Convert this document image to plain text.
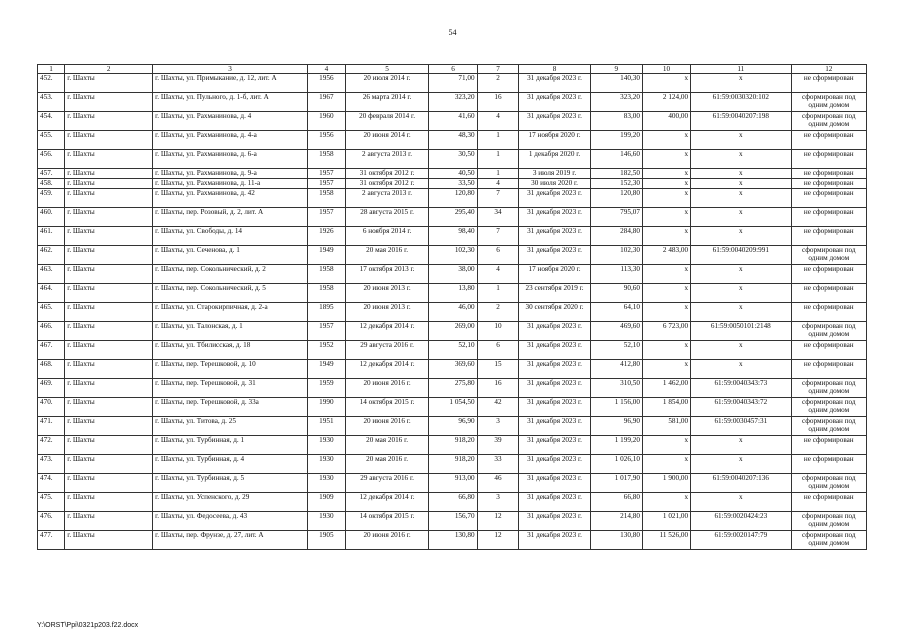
54
1	2	3	4	5	6	7	8	9	10	11	12
452.	г. Шахты	г. Шахты, ул. Примыкание, д. 12, лит. А	1956	20 июля 2014 г.	71,00	2	31 декабря 2023 г.	140,30	x	x	не сформирован
453.	г. Шахты	г. Шахты, ул. Пульного, д. 1-б, лит. А	1967	26 марта 2014 г.	323,20	16	31 декабря 2023 г.	323,20	2 124,00	61:59:0030320:102	сформирован под одним домом
454.	г. Шахты	г. Шахты, ул. Рахманинова, д. 4	1960	20 февраля 2014 г.	41,60	4	31 декабря 2023 г.	83,00	400,00	61:59:0040207:198	сформирован под одним домом
455.	г. Шахты	г. Шахты, ул. Рахманинова, д. 4-а	1956	20 июня 2014 г.	48,30	1	17 ноября 2020 г.	199,20	x	x	не сформирован
456.	г. Шахты	г. Шахты, ул. Рахманинова, д. 6-а	1958	2 августа 2013 г.	30,50	1	1 декабря 2020 г.	146,60	x	x	не сформирован
457.	г. Шахты	г. Шахты, ул. Рахманинова, д. 9-а	1957	31 октября 2012 г.	40,50	1	3 июля 2019 г.	182,50	x	x	не сформирован
458.	г. Шахты	г. Шахты, ул. Рахманинова, д. 11-а	1957	31 октября 2012 г.	33,50	4	30 июля 2020 г.	152,30	x	x	не сформирован
459.	г. Шахты	г. Шахты, ул. Рахманинова, д. 42	1958	2 августа 2013 г.	120,80	7	31 декабря 2023 г.	120,80	x	x	не сформирован
460.	г. Шахты	г. Шахты, пер. Розовый, д. 2, лит. А	1957	28 августа 2015 г.	295,40	34	31 декабря 2023 г.	795,07	x	x	не сформирован
461.	г. Шахты	г. Шахты, ул. Свободы, д. 14	1926	6 ноября 2014 г.	98,40	7	31 декабря 2023 г.	284,80	x	x	не сформирован
462.	г. Шахты	г. Шахты, ул. Сеченова, д. 1	1949	20 мая 2016 г.	102,30	6	31 декабря 2023 г.	102,30	2 483,00	61:59:0040209:991	сформирован под одним домом
463.	г. Шахты	г. Шахты, пер. Сокольнический, д. 2	1958	17 октября 2013 г.	38,00	4	17 ноября 2020 г.	113,30	x	x	не сформирован
464.	г. Шахты	г. Шахты, пер. Сокольнический, д. 5	1958	20 июня 2013 г.	13,80	1	23 сентября 2019 г.	90,60	x	x	не сформирован
465.	г. Шахты	г. Шахты, ул. Старокирпичная, д. 2-а	1895	20 июня 2013 г.	46,00	2	30 сентября 2020 г.	64,10	x	x	не сформирован
466.	г. Шахты	г. Шахты, ул. Талонская, д. 1	1957	12 декабря 2014 г.	269,00	10	31 декабря 2023 г.	469,60	6 723,00	61:59:0050101:2148	сформирован под одним домом
467.	г. Шахты	г. Шахты, ул. Тбилисская, д. 18	1952	29 августа 2016 г.	52,10	6	31 декабря 2023 г.	52,10	x	x	не сформирован
468.	г. Шахты	г. Шахты, пер. Терешковой, д. 10	1949	12 декабря 2014 г.	369,60	15	31 декабря 2023 г.	412,80	x	x	не сформирован
469.	г. Шахты	г. Шахты, пер. Терешковой, д. 31	1959	20 июня 2016 г.	275,80	16	31 декабря 2023 г.	310,50	1 462,00	61:59:0040343:73	сформирован под одним домом
470.	г. Шахты	г. Шахты, пер. Терешковой, д. 33а	1990	14 октября 2015 г.	1 054,50	42	31 декабря 2023 г.	1 156,00	1 854,00	61:59:0040343:72	сформирован под одним домом
471.	г. Шахты	г. Шахты, ул. Титова, д. 25	1951	20 июня 2016 г.	96,90	3	31 декабря 2023 г.	96,90	581,00	61:59:0030457:31	сформирован под одним домом
472.	г. Шахты	г. Шахты, ул. Турбинная, д. 1	1930	20 мая 2016 г.	918,20	39	31 декабря 2023 г.	1 199,20	x	x	не сформирован
473.	г. Шахты	г. Шахты, ул. Турбинная, д. 4	1930	20 мая 2016 г.	918,20	33	31 декабря 2023 г.	1 026,10	x	x	не сформирован
474.	г. Шахты	г. Шахты, ул. Турбинная, д. 5	1930	29 августа 2016 г.	913,00	46	31 декабря 2023 г.	1 017,90	1 900,00	61:59:0040207:136	сформирован под одним домом
475.	г. Шахты	г. Шахты, ул. Успенского, д. 29	1909	12 декабря 2014 г.	66,80	3	31 декабря 2023 г.	66,80	x	x	не сформирован
476.	г. Шахты	г. Шахты, ул. Федосеева, д. 43	1930	14 октября 2015 г.	156,70	12	31 декабря 2023 г.	214,80	1 021,00	61:59:0020424:23	сформирован под одним домом
477.	г. Шахты	г. Шахты, пер. Фрунзе, д. 27, лит. А	1905	20 июня 2016 г.	130,80	12	31 декабря 2023 г.	130,80	11 526,00	61:59:0020147:79	сформирован под одним домом
Y:\ORST\Ppi\0321p203.f22.docx
